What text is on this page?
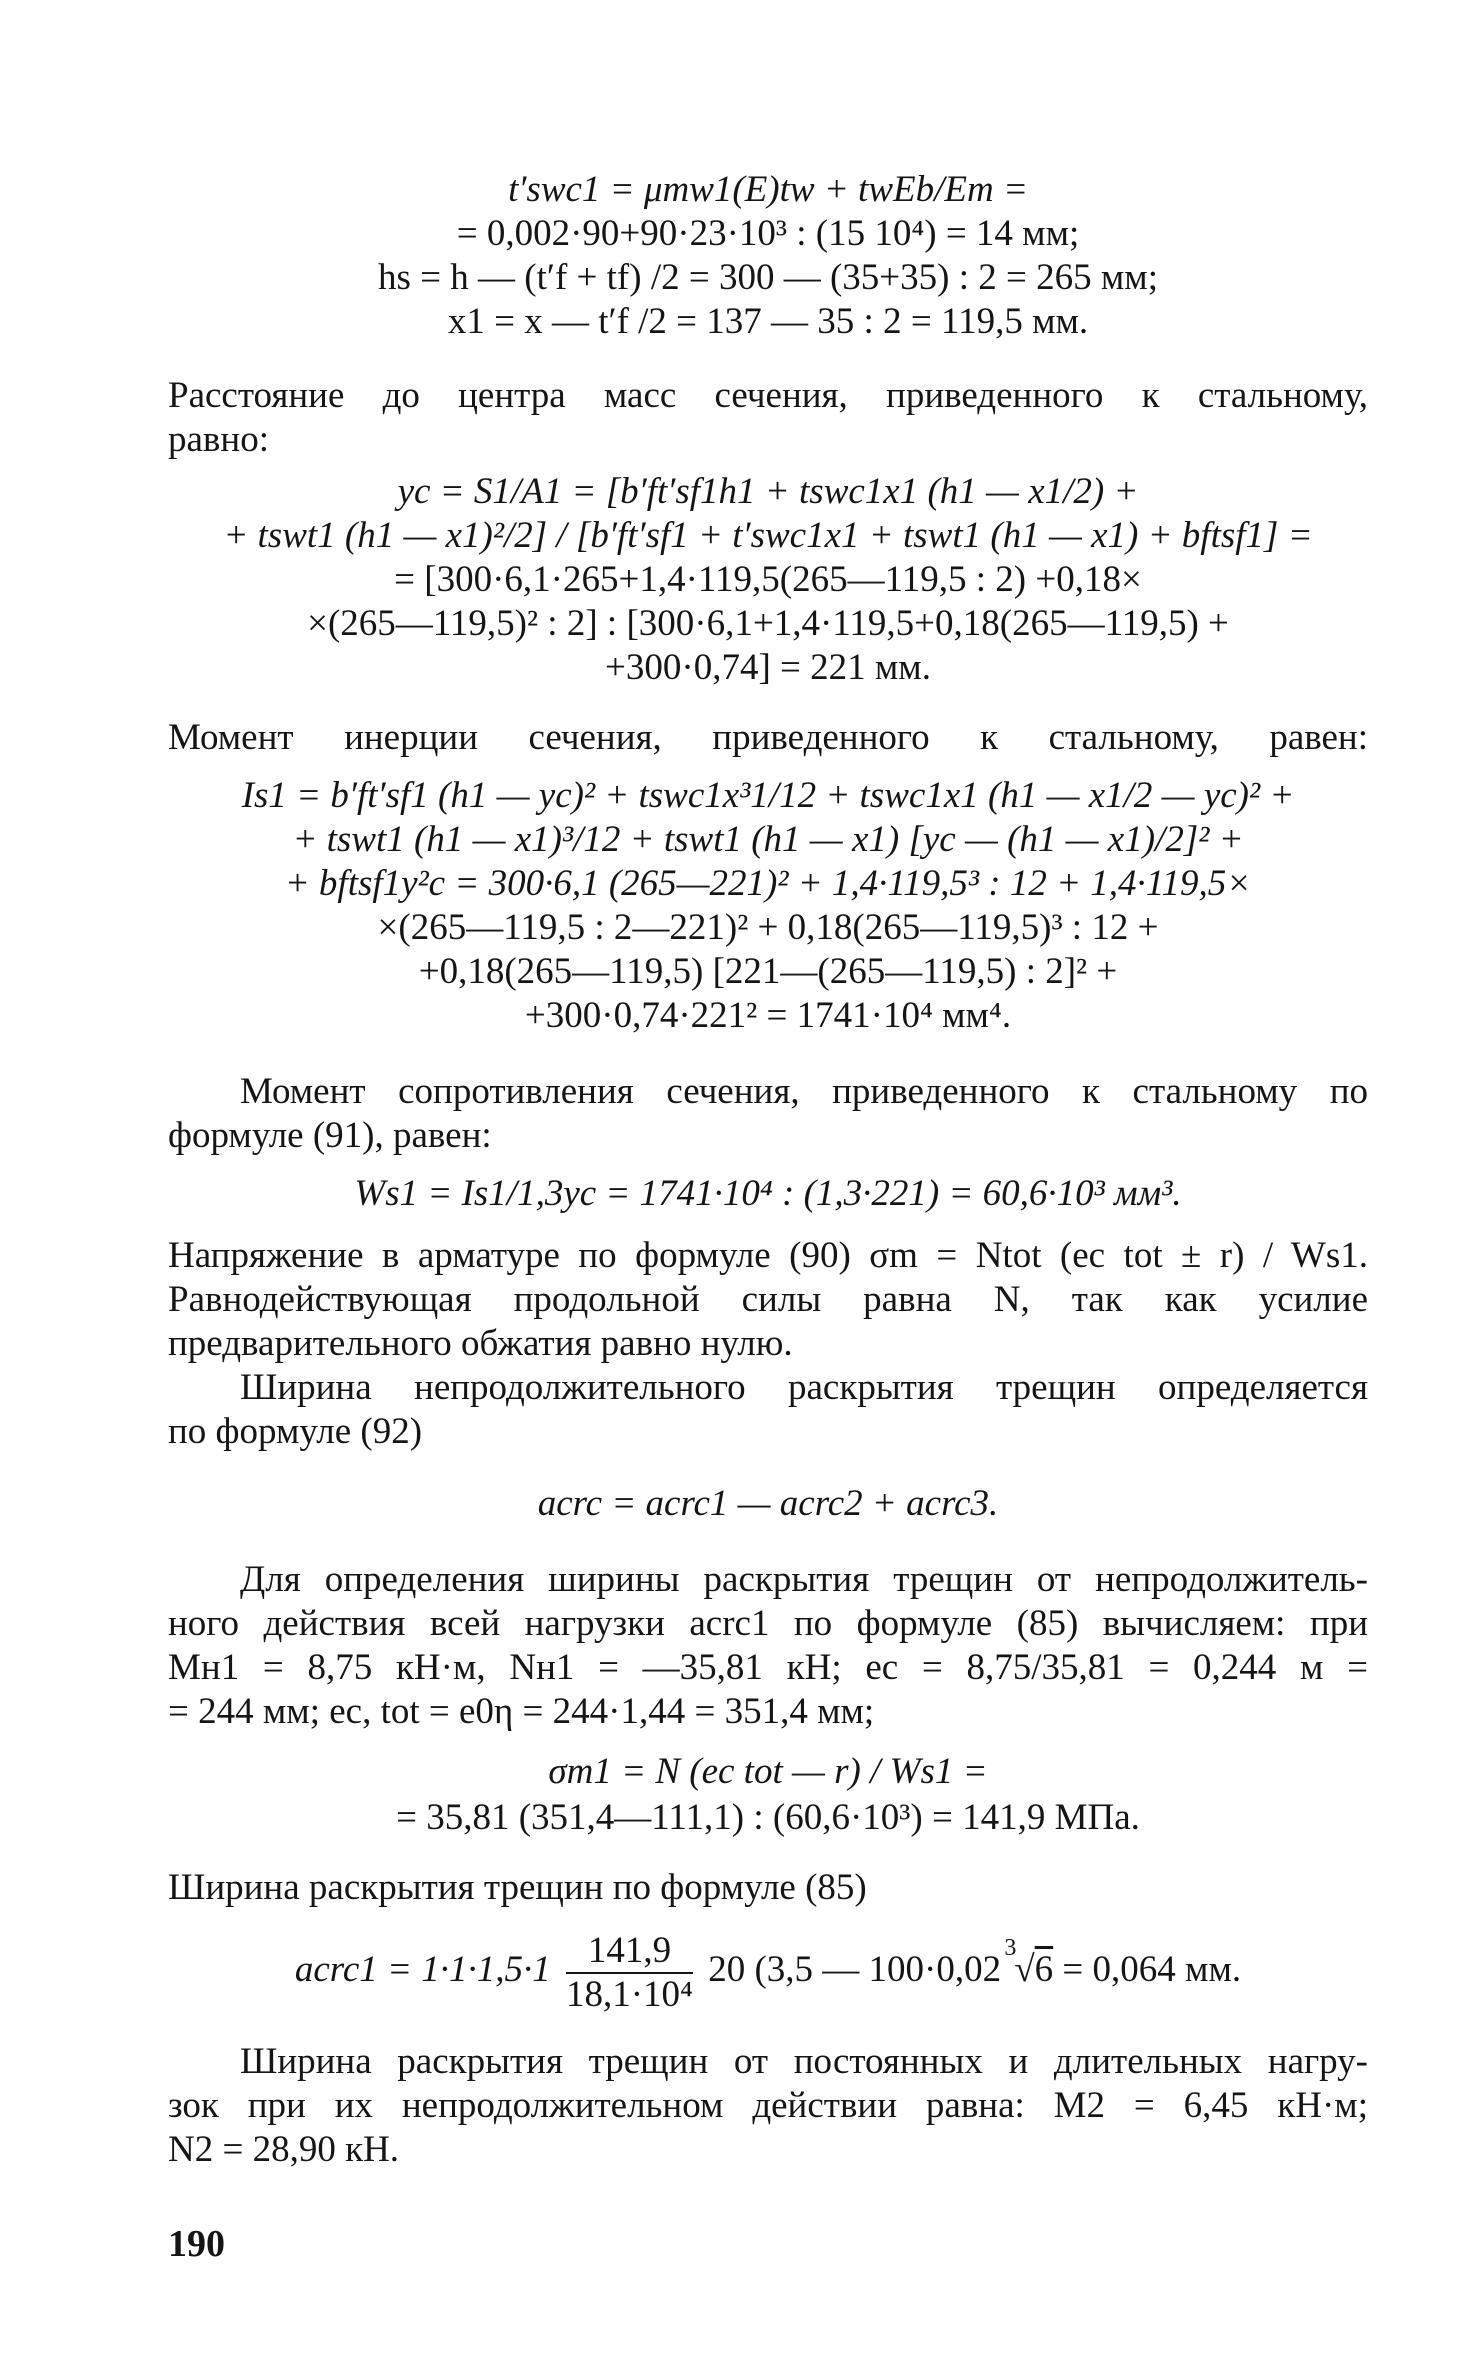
t′swc1 = μmw1(E)tw + twEb/Em =
= 0,002·90+90·23·10³ : (15 10⁴) = 14 мм;
hs = h — (t′f + tf) /2 = 300 — (35+35) : 2 = 265 мм;
x1 = x — t′f /2 = 137 — 35 : 2 = 119,5 мм.
Расстояние до центра масс сечения, приведенного к стальному,
равно:
yc = S1/A1 = [b′ft′sf1h1 + tswc1x1 (h1 — x1/2) +
+ tswt1 (h1 — x1)²/2] / [b′ft′sf1 + t′swc1x1 + tswt1 (h1 — x1) + bftsf1] =
= [300·6,1·265+1,4·119,5(265—119,5 : 2) +0,18×
×(265—119,5)² : 2] : [300·6,1+1,4·119,5+0,18(265—119,5) +
+300·0,74] = 221 мм.
Момент инерции сечения, приведенного к стальному, равен:
Is1 = b′ft′sf1 (h1 — yc)² + tswc1x³1/12 + tswc1x1 (h1 — x1/2 — yc)² +
+ tswt1 (h1 — x1)³/12 + tswt1 (h1 — x1) [yc — (h1 — x1)/2]² +
+ bftsf1y²c = 300·6,1 (265—221)² + 1,4·119,5³ : 12 + 1,4·119,5×
×(265—119,5 : 2—221)² + 0,18(265—119,5)³ : 12 +
+0,18(265—119,5) [221—(265—119,5) : 2]² +
+300·0,74·221² = 1741·10⁴ мм⁴.
Момент сопротивления сечения, приведенного к стальному по
формуле (91), равен:
Ws1 = Is1/1,3yc = 1741·10⁴ : (1,3·221) = 60,6·10³ мм³.
Напряжение в арматуре по формуле (90) σm = Ntot (ec tot ± r) / Ws1.
Равнодействующая продольной силы равна N, так как усилие
предварительного обжатия равно нулю.
Ширина непродолжительного раскрытия трещин определяется
по формуле (92)
acrc = acrc1 — acrc2 + acrc3.
Для определения ширины раскрытия трещин от непродолжитель-
ного действия всей нагрузки acrc1 по формуле (85) вычисляем: при
Mн1 = 8,75 кН·м, Nн1 = —35,81 кН; ec = 8,75/35,81 = 0,244 м =
= 244 мм; ec, tot = e0η = 244·1,44 = 351,4 мм;
σm1 = N (ec tot — r) / Ws1 =
= 35,81 (351,4—111,1) : (60,6·10³) = 141,9 МПа.
Ширина раскрытия трещин по формуле (85)
acrc1 = $1\cdot 1\cdot 1,5\cdot 1 \frac{141,9}{\text{18,1·10⁴}} 20$ (3,5 — 100·0,02
3
√6 = 0,064 мм.
Ширина раскрытия трещин от постоянных и длительных нагру-
зок при их непродолжительном действии равна: M2 = 6,45 кН·м;
N2 = 28,90 кН.
190
